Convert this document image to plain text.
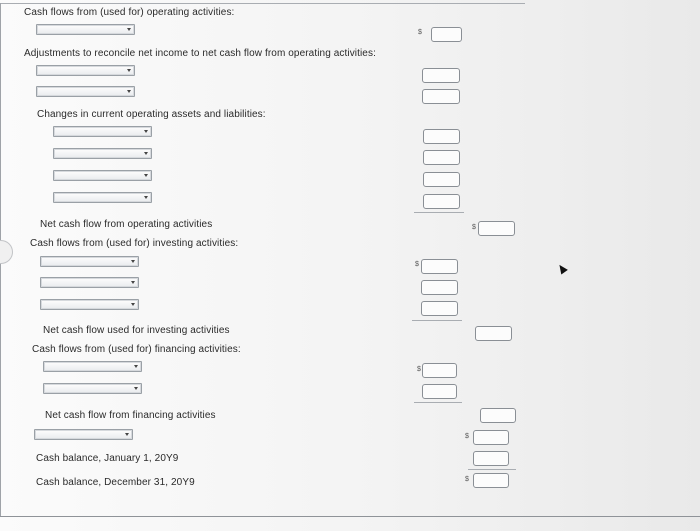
Cash flows from (used for) operating activities:
Adjustments to reconcile net income to net cash flow from operating activities:
Changes in current operating assets and liabilities:
Net cash flow from operating activities
Cash flows from (used for) investing activities:
Net cash flow used for investing activities
Cash flows from (used for) financing activities:
Net cash flow from financing activities
Cash balance, January 1, 20Y9
Cash balance, December 31, 20Y9
$
$
$
$
$
$
